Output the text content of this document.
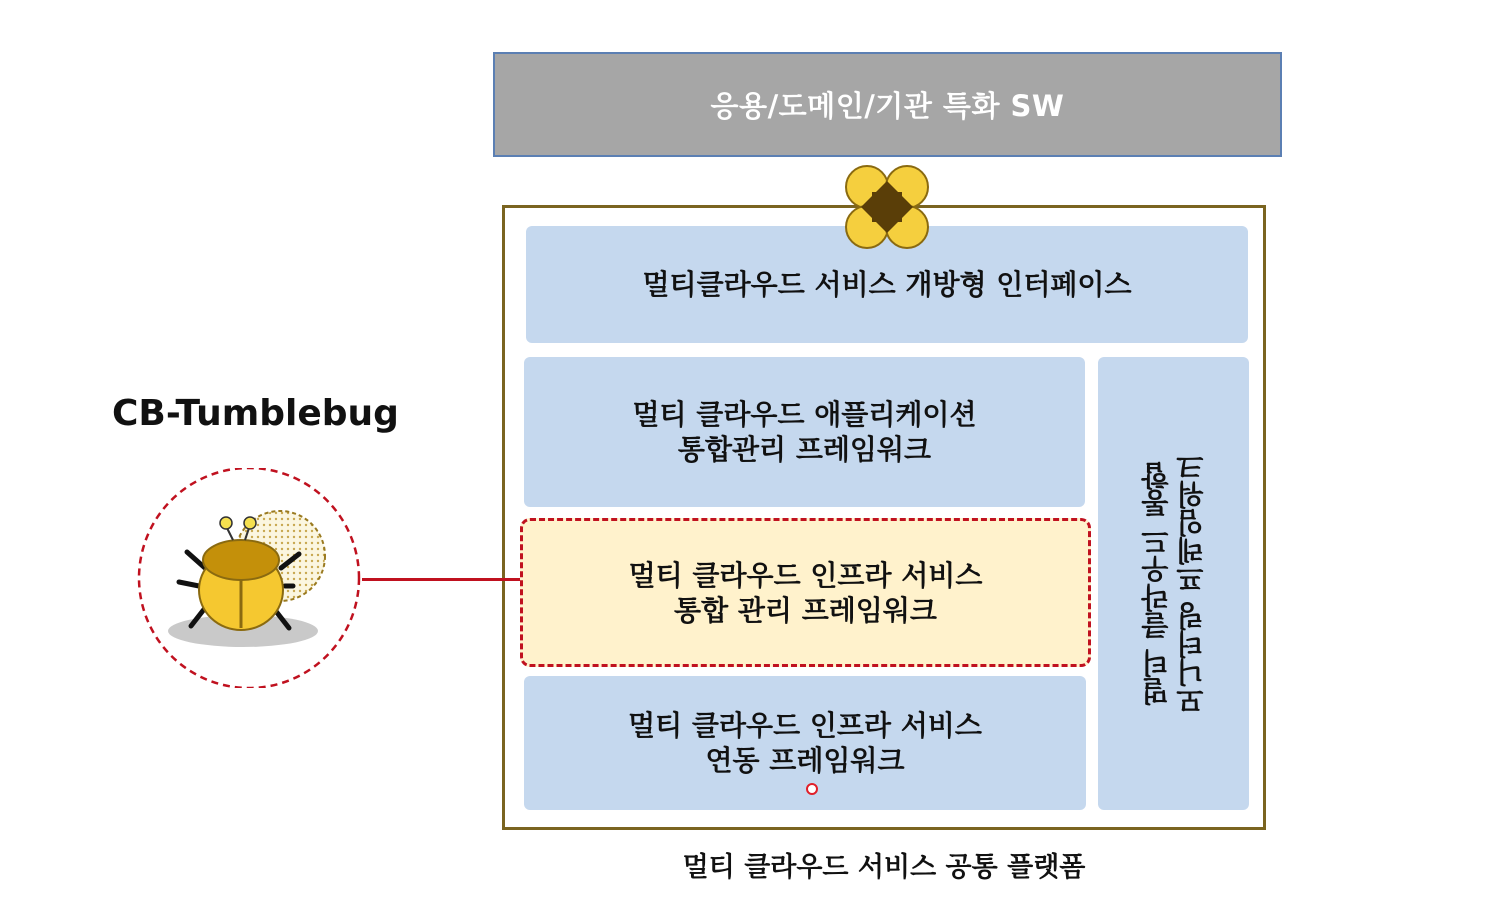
응용/도메인/기관 특화 SW
멀티클라우드 서비스 개방형 인터페이스
멀티 클라우드 애플리케이션
통합관리 프레임워크
멀티 클라우드 인프라 서비스
통합 관리 프레임워크
멀티 클라우드 인프라 서비스
연동 프레임워크
멀티 클라우드 통합
모니터링 프레임워크
멀티 클라우드 서비스 공통 플랫폼
CB-Tumblebug
